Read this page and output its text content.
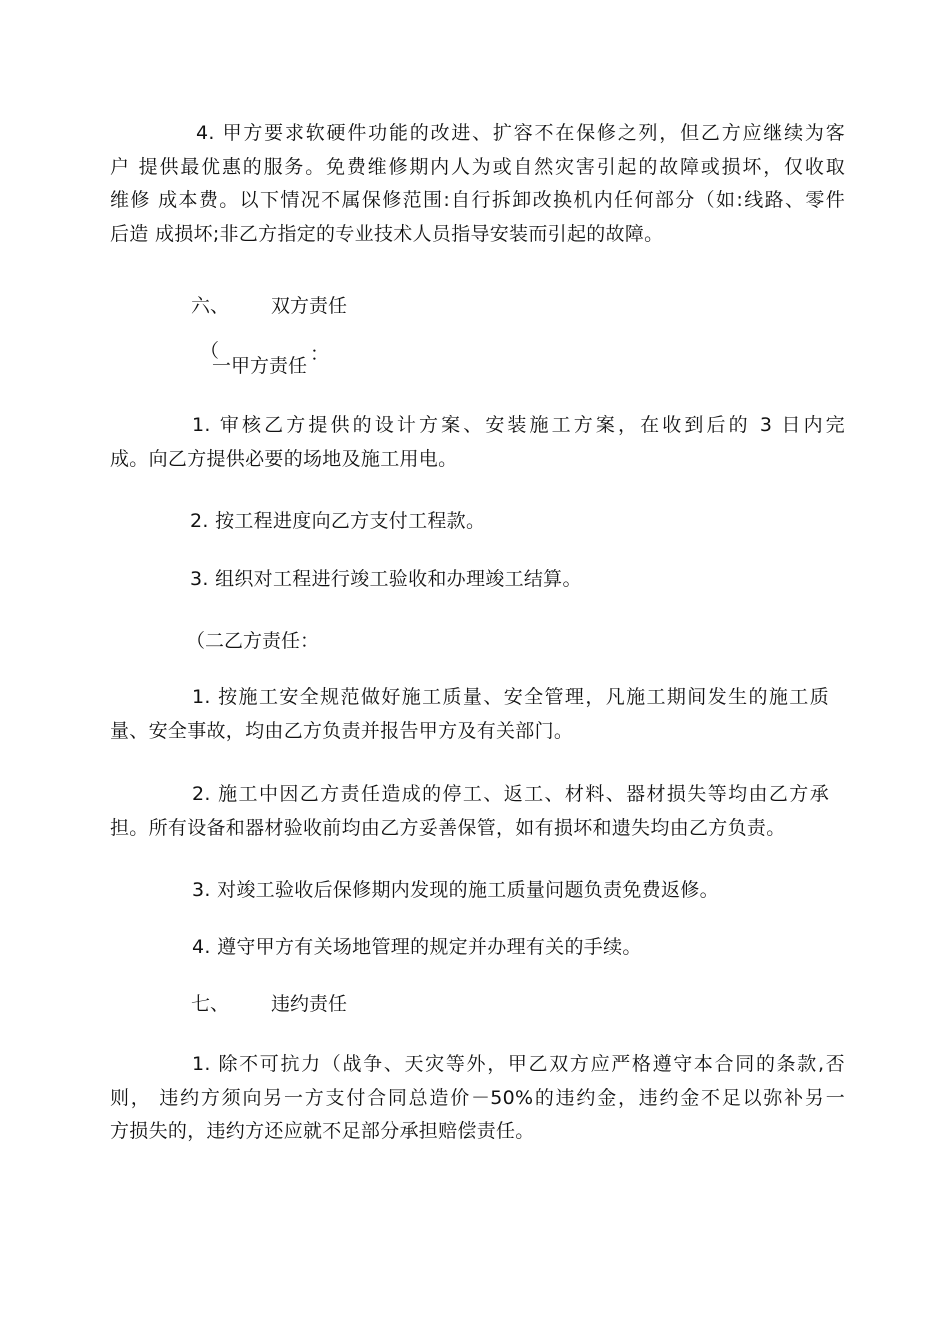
4. 甲方要求软硬件功能的改进、扩容不在保修之列，但乙方应继续为客
户 提供最优惠的服务。免费维修期内人为或自然灾害引起的故障或损坏，仅收取
维修 成本费。以下情况不属保修范围:自行拆卸改换机内任何部分（如:线路、零件
后造 成损坏;非乙方指定的专业技术人员指导安装而引起的故障。
六、 双方责任
（
一甲方责任
：
1. 审核乙方提供的设计方案、安装施工方案，在收到后的 3 日内完
成。向乙方提供必要的场地及施工用电。
2. 按工程进度向乙方支付工程款。
3. 组织对工程进行竣工验收和办理竣工结算。
（二乙方责任：
1. 按施工安全规范做好施工质量、安全管理，凡施工期间发生的施工质
量、安全事故，均由乙方负责并报告甲方及有关部门。
2. 施工中因乙方责任造成的停工、返工、材料、器材损失等均由乙方承
担。所有设备和器材验收前均由乙方妥善保管，如有损坏和遗失均由乙方负责。
3. 对竣工验收后保修期内发现的施工质量问题负责免费返修。
4. 遵守甲方有关场地管理的规定并办理有关的手续。
七、 违约责任
1. 除不可抗力（战争、天灾等外，甲乙双方应严格遵守本合同的条款,否
则， 违约方须向另一方支付合同总造价－50%的违约金，违约金不足以弥补另一
方损失的，违约方还应就不足部分承担赔偿责任。
